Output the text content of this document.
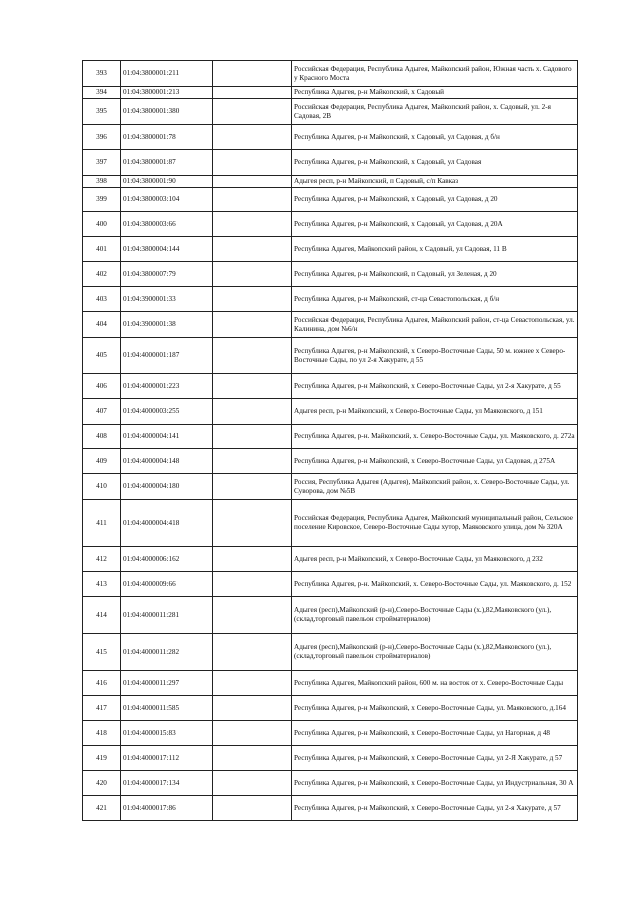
393	01:04:3800001:211		Российская Федерация, Республика Адыгея, Майкопский район, Южная часть х. Садового у Красного Моста
394	01:04:3800001:213		Республика Адыгея, р-н Майкопский, х Садовый
395	01:04:3800001:380		Российская Федерация, Республика Адыгея, Майкопский район, х. Садовый, ул. 2-я Садовая, 2В
396	01:04:3800001:78		Республика Адыгея, р-н Майкопский, х Садовый, ул Садовая, д б/н
397	01:04:3800001:87		Республика Адыгея, р-н Майкопский, х Садовый, ул Садовая
398	01:04:3800001:90		Адыгея респ, р-н Майкопский, п Садовый, с/п Кавказ
399	01:04:3800003:104		Республика Адыгея, р-н Майкопский, х Садовый, ул Садовая, д 20
400	01:04:3800003:66		Республика Адыгея, р-н Майкопский, х Садовый, ул Садовая, д 20А
401	01:04:3800004:144		Республика Адыгея, Майкопский район, х Садовый, ул Садовая, 11 В
402	01:04:3800007:79		Республика Адыгея, р-н Майкопский, п Садовый, ул Зеленая, д 20
403	01:04:3900001:33		Республика Адыгея, р-н Майкопский, ст-ца Севастопольская, д б/н
404	01:04:3900001:38		Российская Федерация, Республика Адыгея, Майкопский район, ст-ца Севастопольская, ул. Калинина, дом №6/н
405	01:04:4000001:187		Республика Адыгея, р-н Майкопский, х Северо-Восточные Сады, 50 м. южнее х Северо-Восточные Сады, по ул 2-я Хакурате, д 55
406	01:04:4000001:223		Республика Адыгея, р-н Майкопский, х Северо-Восточные Сады, ул 2-я Хакурате, д 55
407	01:04:4000003:255		Адыгея респ, р-н Майкопский, х Северо-Восточные Сады, ул Маяковского, д 151
408	01:04:4000004:141		Республика Адыгея, р-н. Майкопский, х. Северо-Восточные Сады, ул. Маяковского, д. 272а
409	01:04:4000004:148		Республика Адыгея, р-н Майкопский, х Северо-Восточные Сады, ул Садовая, д 275А
410	01:04:4000004:180		Россия, Республика Адыгея (Адыгея), Майкопский район, х. Северо-Восточные Сады, ул. Суворова, дом №5В
411	01:04:4000004:418		Российская Федерация, Республика Адыгея, Майкопский муниципальный район, Сельское поселение Кировское, Северо-Восточные Сады хутор, Маяковского улица, дом № 320А
412	01:04:4000006:162		Адыгея респ, р-н Майкопский, х Северо-Восточные Сады, ул Маяковского, д 232
413	01:04:4000009:66		Республика Адыгея, р-н. Майкопский, х. Северо-Восточные Сады, ул. Маяковского, д. 152
414	01:04:4000011:281		Адыгея (респ),Майкопский (р-н),Северо-Восточные Сады (х.),82,Маяковского (ул.),(склад,торговый павельон стройматериалов)
415	01:04:4000011:282		Адыгея (респ),Майкопский (р-н),Северо-Восточные Сады (х.),82,Маяковского (ул.),(склад,торговый павельон стройматериалов)
416	01:04:4000011:297		Республика Адыгея, Майкопский район, 600 м. на восток от х. Северо-Восточные Сады
417	01:04:4000011:585		Республика Адыгея, р-н Майкопский, х Северо-Восточные Сады, ул. Маяковского, д.164
418	01:04:4000015:83		Республика Адыгея, р-н Майкопский, х Северо-Восточные Сады, ул Нагорная, д 48
419	01:04:4000017:112		Республика Адыгея, р-н Майкопский, х Северо-Восточные Сады, ул 2-Я Хакурате, д 57
420	01:04:4000017:134		Республика Адыгея, р-н Майкопский, х Северо-Восточные Сады, ул Индустриальная, 30 А
421	01:04:4000017:86		Республика Адыгея, р-н Майкопский, х Северо-Восточные Сады, ул 2-я Хакурате, д 57
